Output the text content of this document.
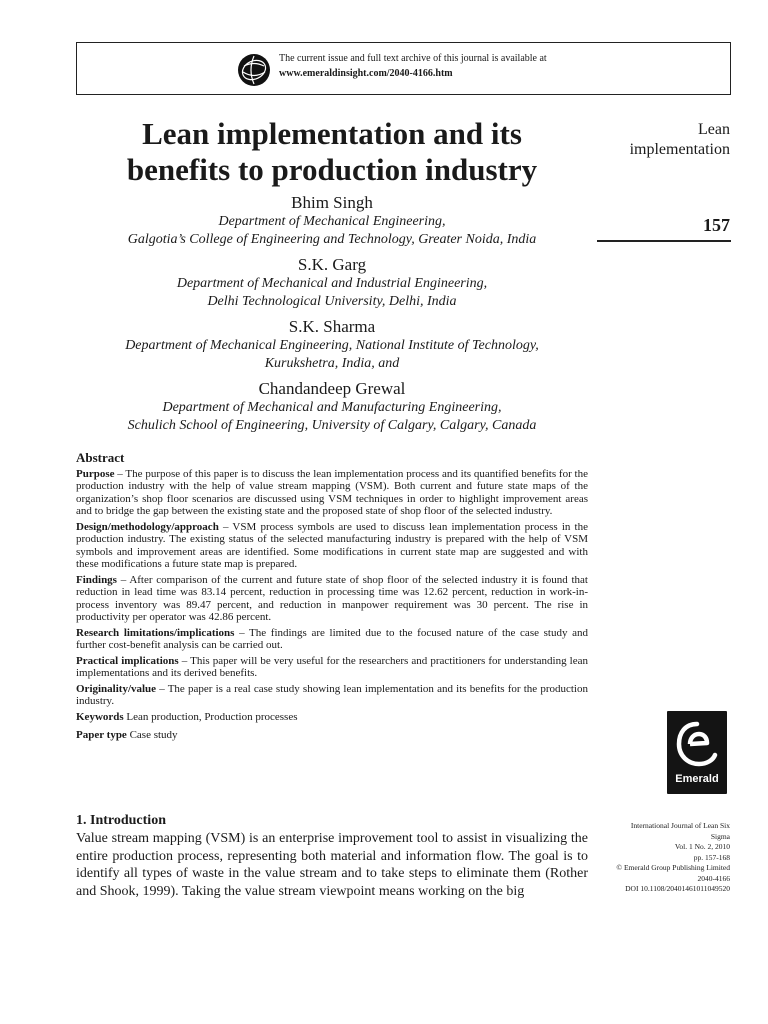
The current issue and full text archive of this journal is available at
www.emeraldinsight.com/2040-4166.htm
Lean implementation and its
benefits to production industry
Bhim Singh
Department of Mechanical Engineering,
Galgotia’s College of Engineering and Technology, Greater Noida, India
S.K. Garg
Department of Mechanical and Industrial Engineering,
Delhi Technological University, Delhi, India
S.K. Sharma
Department of Mechanical Engineering, National Institute of Technology,
Kurukshetra, India, and
Chandandeep Grewal
Department of Mechanical and Manufacturing Engineering,
Schulich School of Engineering, University of Calgary, Calgary, Canada
Lean
implementation
157
Abstract

Purpose – The purpose of this paper is to discuss the lean implementation process and its quantified benefits for the production industry with the help of value stream mapping (VSM). Both current and future state maps of the organization’s shop floor scenarios are discussed using VSM techniques in order to highlight improvement areas and to bridge the gap between the existing state and the proposed state of shop floor of the selected industry.

Design/methodology/approach – VSM process symbols are used to discuss lean implementation process in the production industry. The existing status of the selected manufacturing industry is prepared with the help of VSM symbols and improvement areas are identified. Some modifications in current state map are suggested and with these modifications a future state map is prepared.

Findings – After comparison of the current and future state of shop floor of the selected industry it is found that reduction in lead time was 83.14 percent, reduction in processing time was 12.62 percent, reduction in work-in-process inventory was 89.47 percent, and reduction in manpower requirement was 30 percent. The rise in productivity per operator was 42.86 percent.

Research limitations/implications – The findings are limited due to the focused nature of the case study and further cost-benefit analysis can be carried out.

Practical implications – This paper will be very useful for the researchers and practitioners for understanding lean implementations and its derived benefits.

Originality/value – The paper is a real case study showing lean implementation and its benefits for the production industry.

Keywords Lean production, Production processes
Paper type Case study
Emerald
1. Introduction

Value stream mapping (VSM) is an enterprise improvement tool to assist in visualizing the entire production process, representing both material and information flow. The goal is to identify all types of waste in the value stream and to take steps to eliminate them (Rother and Shook, 1999). Taking the value stream viewpoint means working on the big

International Journal of Lean Six
Sigma
Vol. 1 No. 2, 2010
pp. 157-168
© Emerald Group Publishing Limited
2040-4166
DOI 10.1108/20401461011049520
